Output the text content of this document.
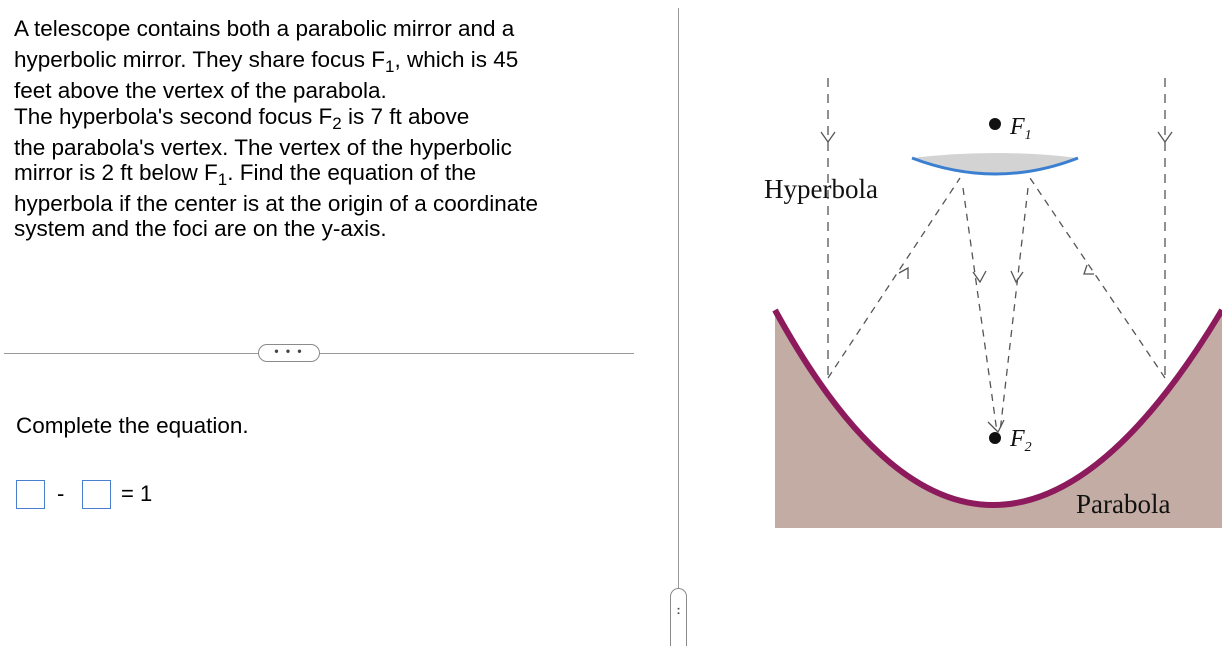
A telescope contains both a parabolic mirror and a

hyperbolic mirror. They share focus $F_1$, which is 45

feet above the vertex of the parabola.

The hyperbola's second focus $F_2$ is 7 ft above

the parabola's vertex. The vertex of the hyperbolic

mirror is 2 ft below $F_1$. Find the equation of the

hyperbola if the center is at the origin of a coordinate

system and the foci are on the y-axis.

• • •
Complete the equation.
-	= 1
:
$F_1$
$F_2$
Hyperbola
Parabola
